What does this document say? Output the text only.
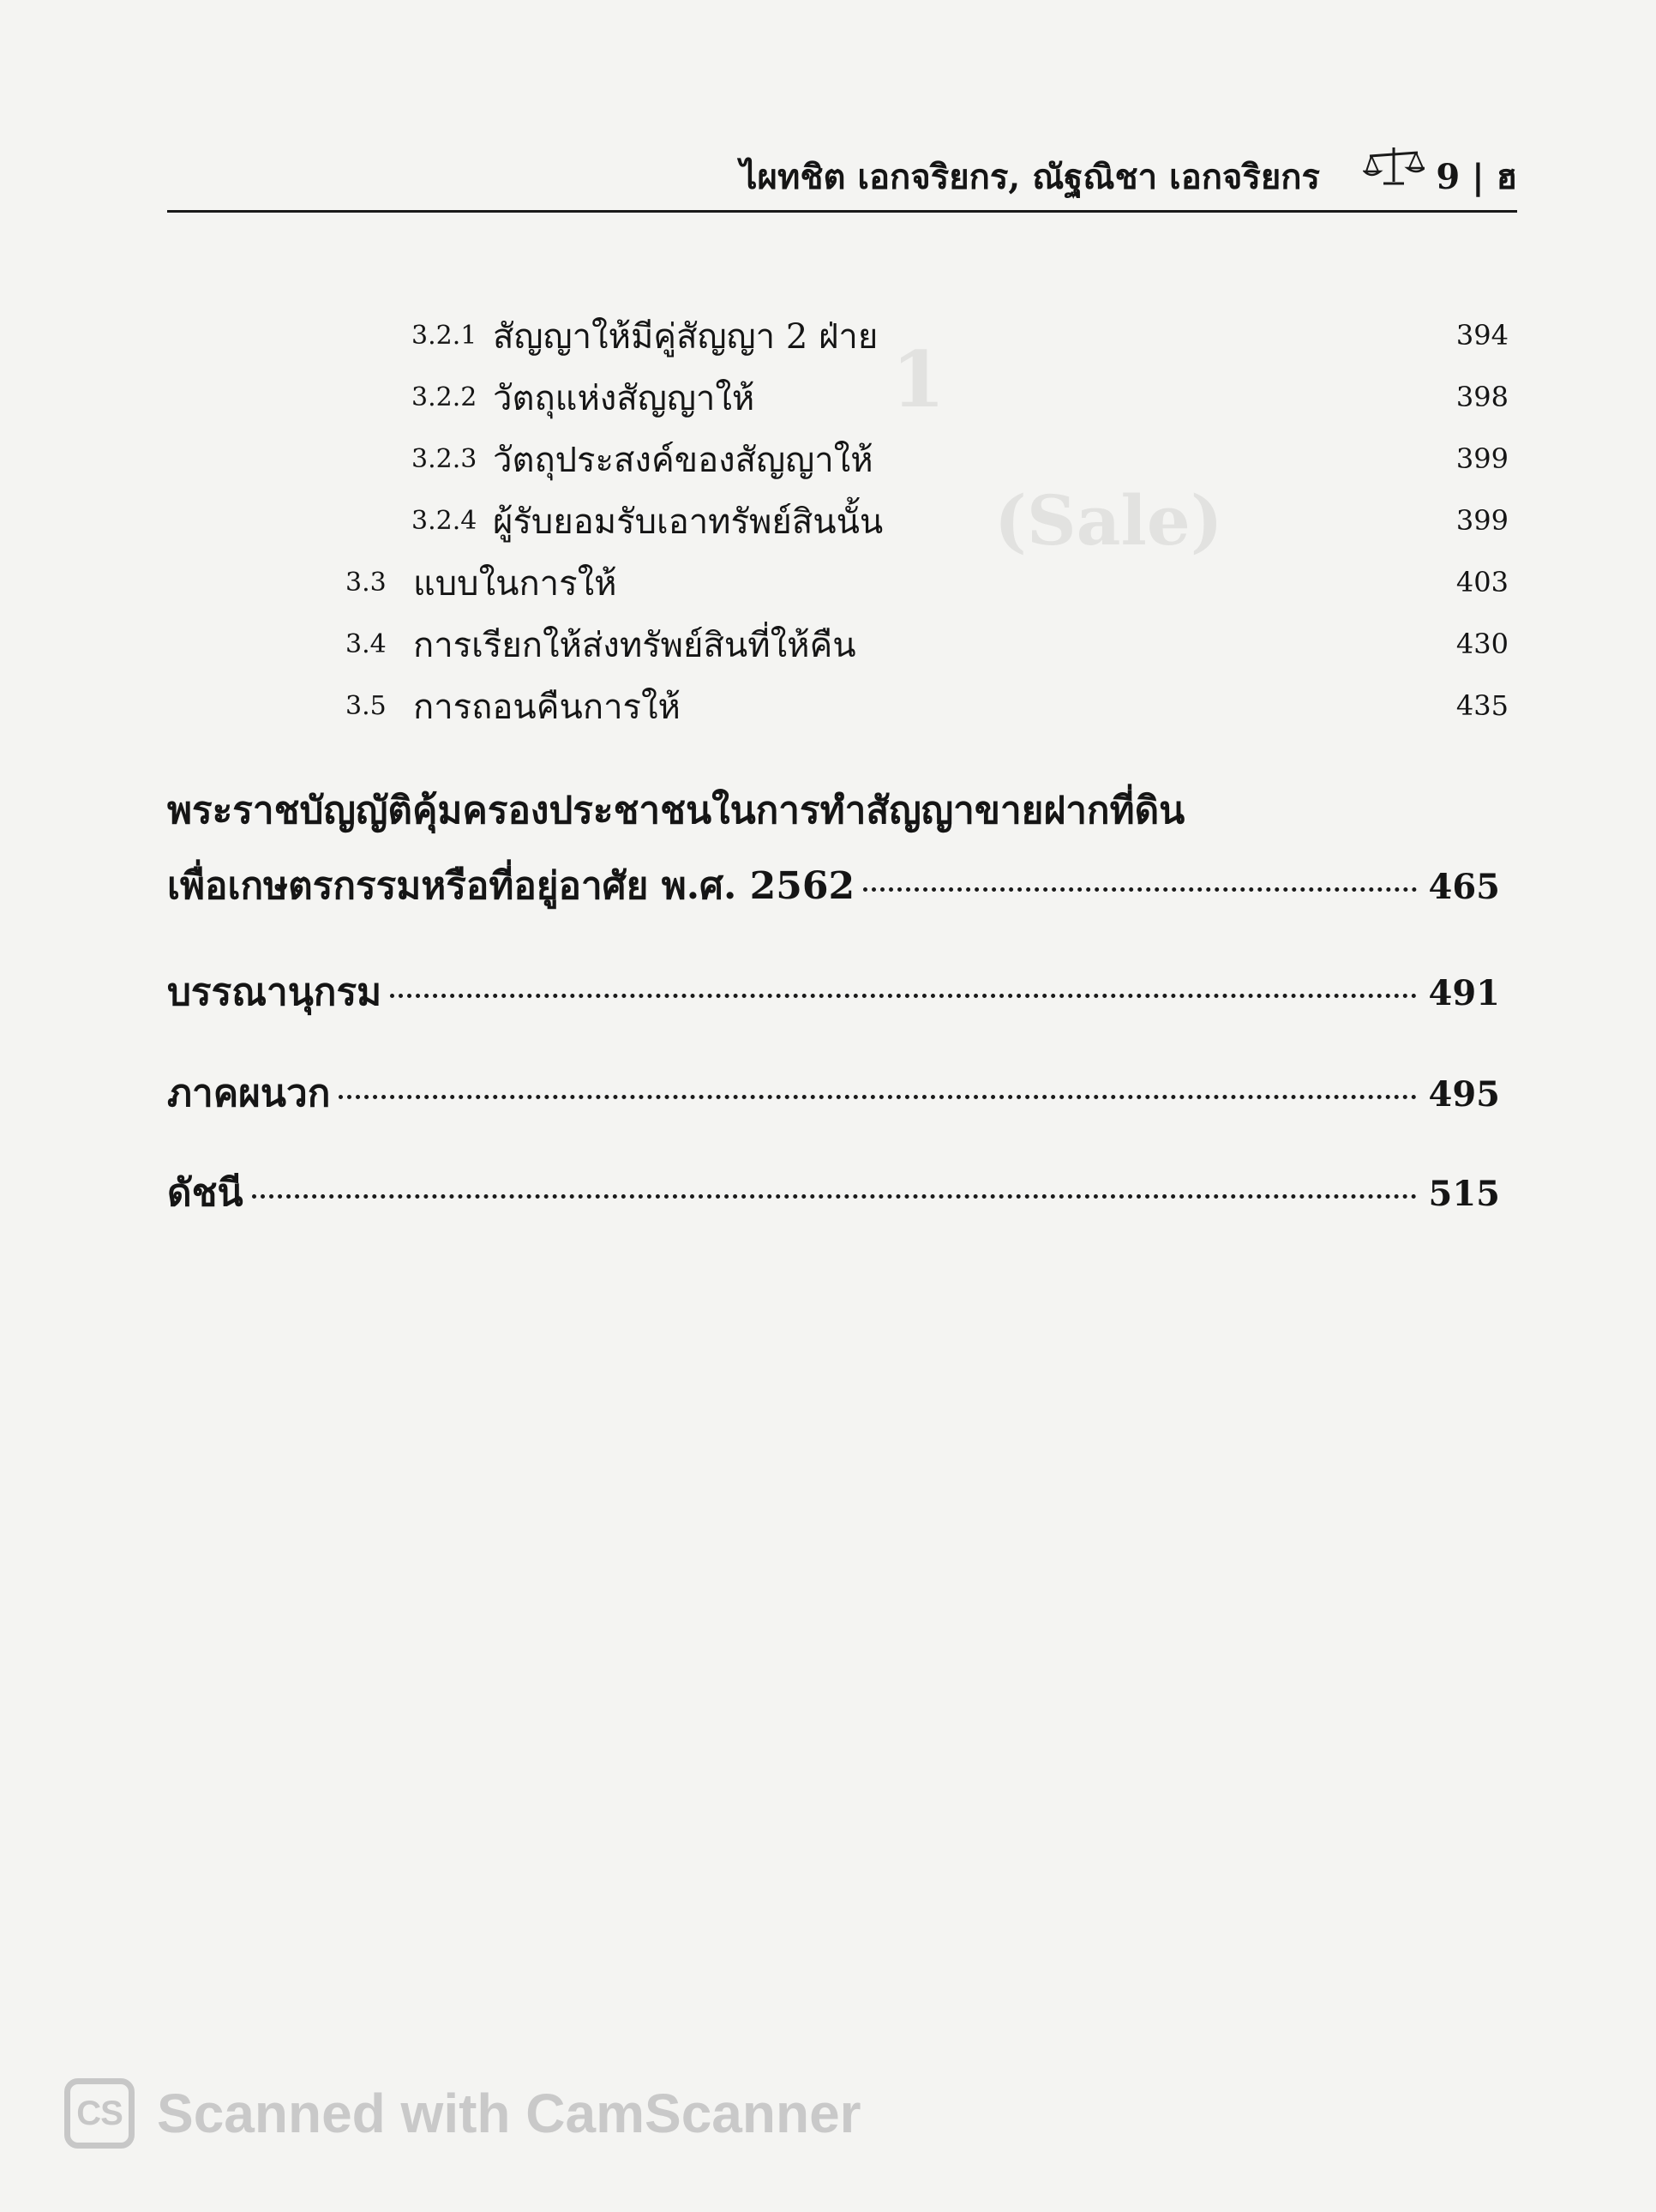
1
(Sale)
ไผทชิต เอกจริยกร, ณัฐณิชา เอกจริยกร	9 | ฮ
3.2.1 สัญญาให้มีคู่สัญญา 2 ฝ่าย	394
3.2.2 วัตถุแห่งสัญญาให้	398
3.2.3 วัตถุประสงค์ของสัญญาให้	399
3.2.4 ผู้รับยอมรับเอาทรัพย์สินนั้น	399
3.3 แบบในการให้	403
3.4 การเรียกให้ส่งทรัพย์สินที่ให้คืน	430
3.5 การถอนคืนการให้	435
พระราชบัญญัติคุ้มครองประชาชนในการทำสัญญาขายฝากที่ดิน
เพื่อเกษตรกรรมหรือที่อยู่อาศัย พ.ศ. 2562	465
บรรณานุกรม	491
ภาคผนวก	495
ดัชนี	515
CS Scanned with CamScanner
